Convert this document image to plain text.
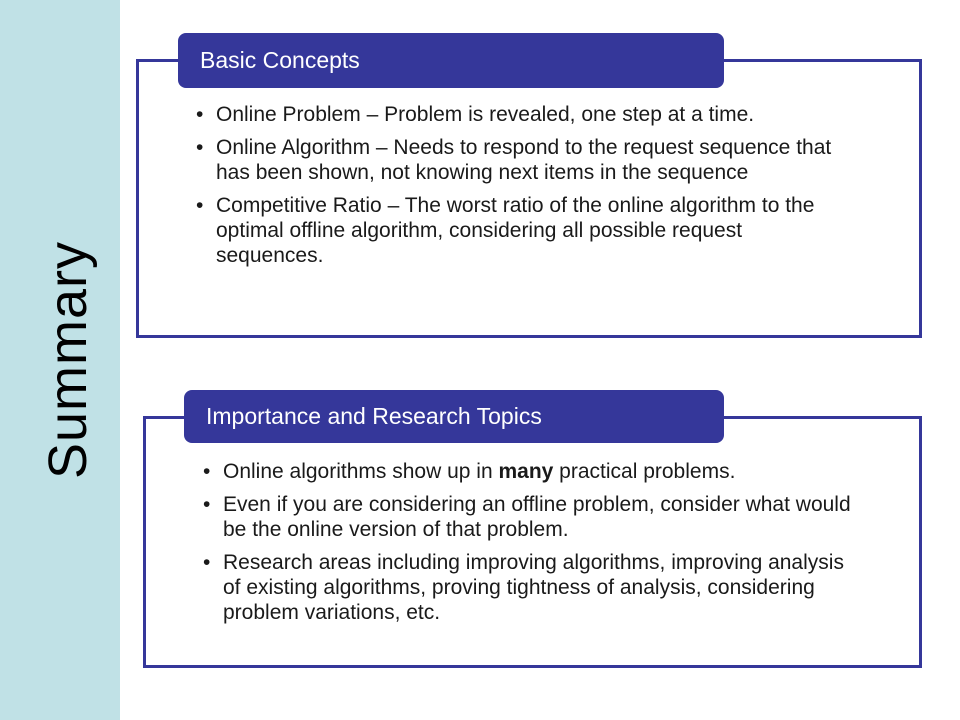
Summary
Basic Concepts
• Online Problem – Problem is revealed, one step at a time.
• Online Algorithm – Needs to respond to the request sequence that has been shown, not knowing next items in the sequence
• Competitive Ratio – The worst ratio of the online algorithm to the optimal offline algorithm, considering all possible request sequences.
Importance and Research Topics
• Online algorithms show up in many practical problems.
• Even if you are considering an offline problem, consider what would be the online version of that problem.
• Research areas including improving algorithms, improving analysis of existing algorithms, proving tightness of analysis, considering problem variations, etc.
